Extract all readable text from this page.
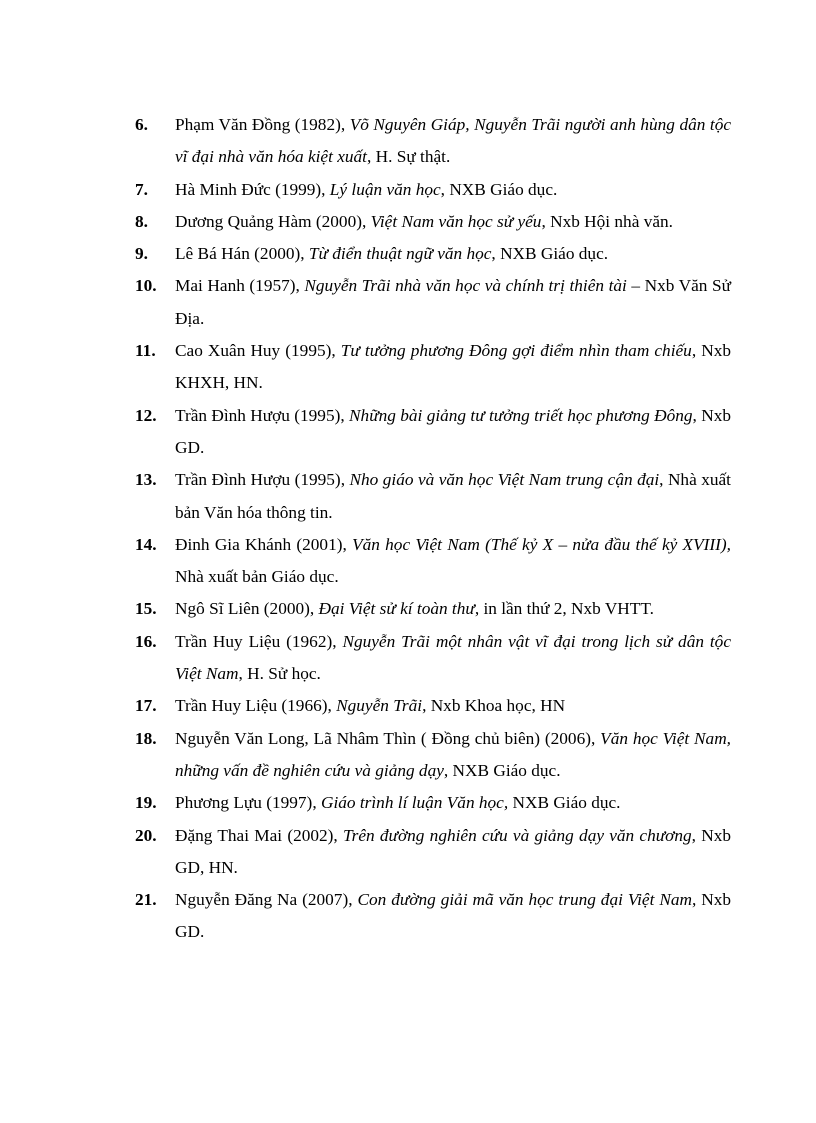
6.	Phạm Văn Đồng (1982), Võ Nguyên Giáp, Nguyễn Trãi người anh hùng dân tộc vĩ đại nhà văn hóa kiệt xuất, H. Sự thật.
7.	Hà Minh Đức (1999), Lý luận văn học, NXB Giáo dục.
8.	Dương Quảng Hàm (2000), Việt Nam văn học sử yếu, Nxb Hội nhà văn.
9.	Lê Bá Hán (2000), Từ điển thuật ngữ văn học, NXB Giáo dục.
10.	Mai Hanh (1957), Nguyễn Trãi nhà văn học và chính trị thiên tài – Nxb Văn Sử Địa.
11.	Cao Xuân Huy (1995), Tư tưởng phương Đông gợi điểm nhìn tham chiếu, Nxb KHXH, HN.
12.	Trần Đình Hượu (1995), Những bài giảng tư tưởng triết học phương Đông, Nxb GD.
13.	Trần Đình Hượu (1995), Nho giáo và văn học Việt Nam trung cận đại, Nhà xuất bản Văn hóa thông tin.
14.	Đinh Gia Khánh (2001), Văn học Việt Nam (Thế kỷ X – nửa đầu thế kỷ XVIII), Nhà xuất bản Giáo dục.
15.	Ngô Sĩ Liên (2000), Đại Việt sử kí toàn thư, in lần thứ 2, Nxb VHTT.
16.	Trần Huy Liệu (1962), Nguyễn Trãi một nhân vật vĩ đại trong lịch sử dân tộc Việt Nam, H. Sử học.
17.	Trần Huy Liệu (1966), Nguyễn Trãi, Nxb Khoa học, HN
18.	Nguyễn Văn Long, Lã Nhâm Thìn ( Đồng chủ biên) (2006), Văn học Việt Nam, những vấn đề nghiên cứu và giảng dạy, NXB Giáo dục.
19.	Phương Lựu (1997), Giáo trình lí luận Văn học, NXB Giáo dục.
20.	Đặng Thai Mai (2002), Trên đường nghiên cứu và giảng dạy văn chương, Nxb GD, HN.
21.	Nguyễn Đăng Na (2007), Con đường giải mã văn học trung đại Việt Nam, Nxb GD.
